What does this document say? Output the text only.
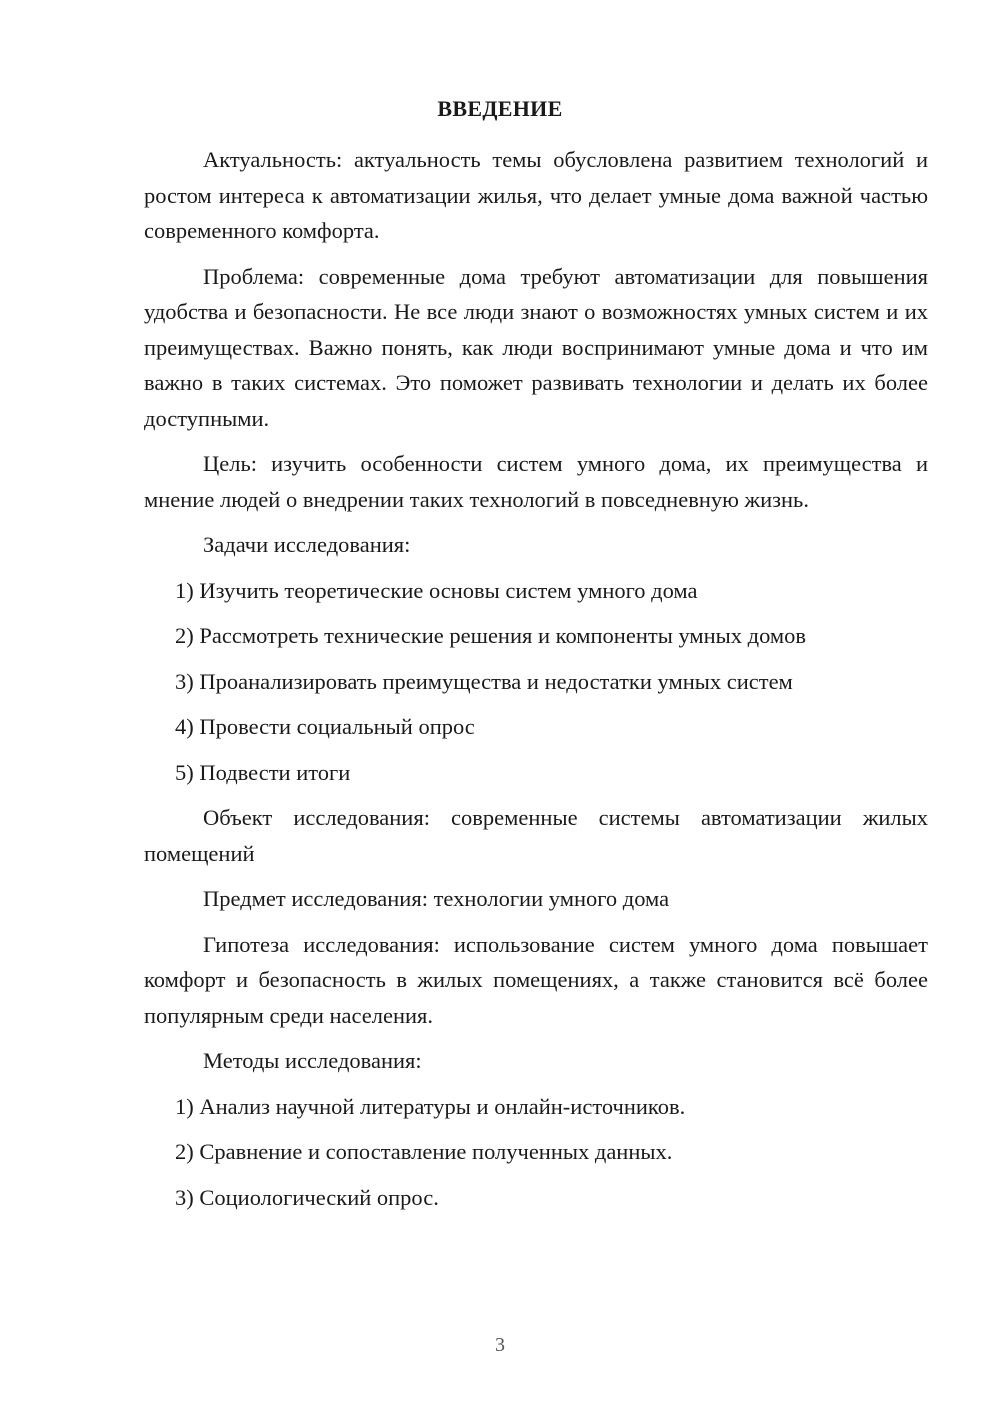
ВВЕДЕНИЕ

Актуальность: актуальность темы обусловлена развитием технологий и ростом интереса к автоматизации жилья, что делает умные дома важной частью современного комфорта.

Проблема: современные дома требуют автоматизации для повышения удобства и безопасности. Не все люди знают о возможностях умных систем и их преимуществах. Важно понять, как люди воспринимают умные дома и что им важно в таких системах. Это поможет развивать технологии и делать их более доступными.

Цель: изучить особенности систем умного дома, их преимущества и мнение людей о внедрении таких технологий в повседневную жизнь.

Задачи исследования:

1) Изучить теоретические основы систем умного дома
2) Рассмотреть технические решения и компоненты умных домов
3) Проанализировать преимущества и недостатки умных систем
4) Провести социальный опрос
5) Подвести итоги

Объект исследования: современные системы автоматизации жилых помещений

Предмет исследования: технологии умного дома

Гипотеза исследования: использование систем умного дома повышает комфорт и безопасность в жилых помещениях, а также становится всё более популярным среди населения.

Методы исследования:

1) Анализ научной литературы и онлайн-источников.
2) Сравнение и сопоставление полученных данных.
3) Социологический опрос.
3
